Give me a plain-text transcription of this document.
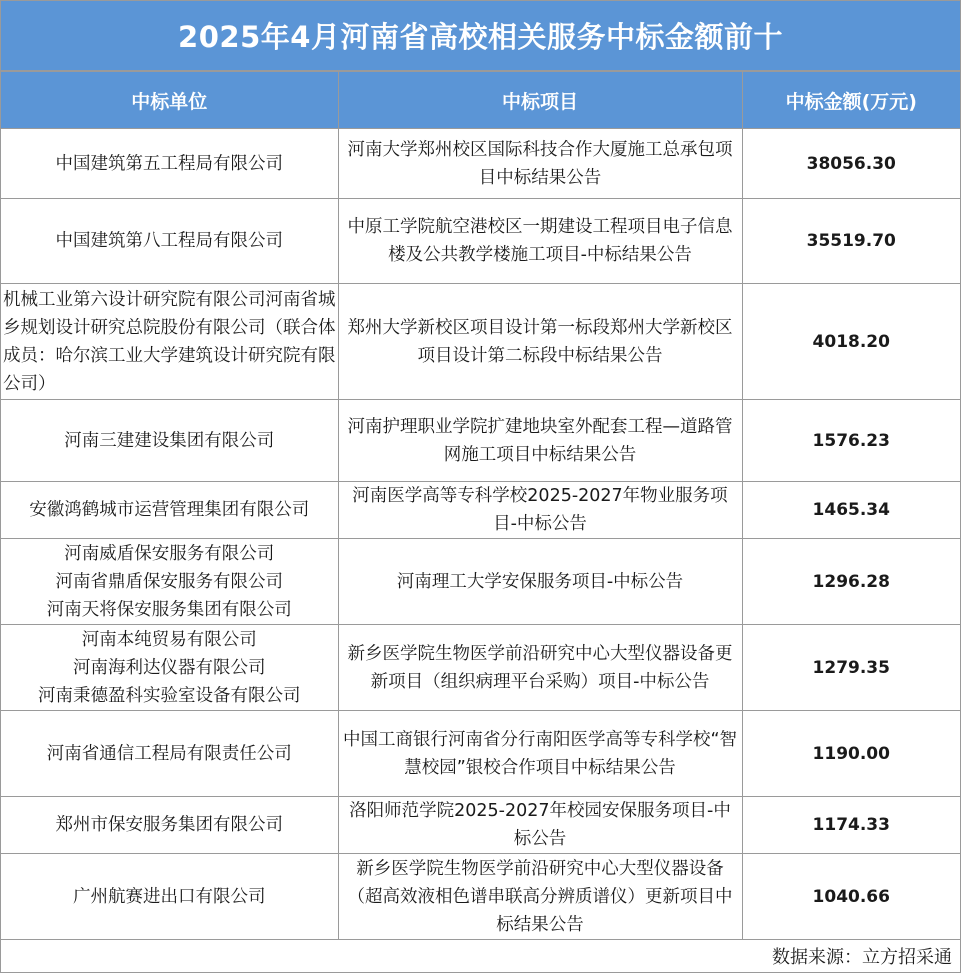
2025年4月河南省高校相关服务中标金额前十
中标单位	中标项目	中标金额(万元)
中国建筑第五工程局有限公司	河南大学郑州校区国际科技合作大厦施工总承包项目中标结果公告	38056.30
中国建筑第八工程局有限公司	中原工学院航空港校区一期建设工程项目电子信息楼及公共教学楼施工项目-中标结果公告	35519.70
机械工业第六设计研究院有限公司河南省城乡规划设计研究总院股份有限公司（联合体成员：哈尔滨工业大学建筑设计研究院有限公司）	郑州大学新校区项目设计第一标段郑州大学新校区项目设计第二标段中标结果公告	4018.20
河南三建建设集团有限公司	河南护理职业学院扩建地块室外配套工程—道路管网施工项目中标结果公告	1576.23
安徽鸿鹤城市运营管理集团有限公司	河南医学高等专科学校2025-2027年物业服务项目-中标公告	1465.34
河南威盾保安服务有限公司
河南省鼎盾保安服务有限公司
河南天将保安服务集团有限公司	河南理工大学安保服务项目-中标公告	1296.28
河南本纯贸易有限公司
河南海利达仪器有限公司
河南秉德盈科实验室设备有限公司	新乡医学院生物医学前沿研究中心大型仪器设备更新项目（组织病理平台采购）项目-中标公告	1279.35
河南省通信工程局有限责任公司	中国工商银行河南省分行南阳医学高等专科学校“智慧校园”银校合作项目中标结果公告	1190.00
郑州市保安服务集团有限公司	洛阳师范学院2025-2027年校园安保服务项目-中标公告	1174.33
广州航赛进出口有限公司	新乡医学院生物医学前沿研究中心大型仪器设备（超高效液相色谱串联高分辨质谱仪）更新项目中标结果公告	1040.66
数据来源：立方招采通
